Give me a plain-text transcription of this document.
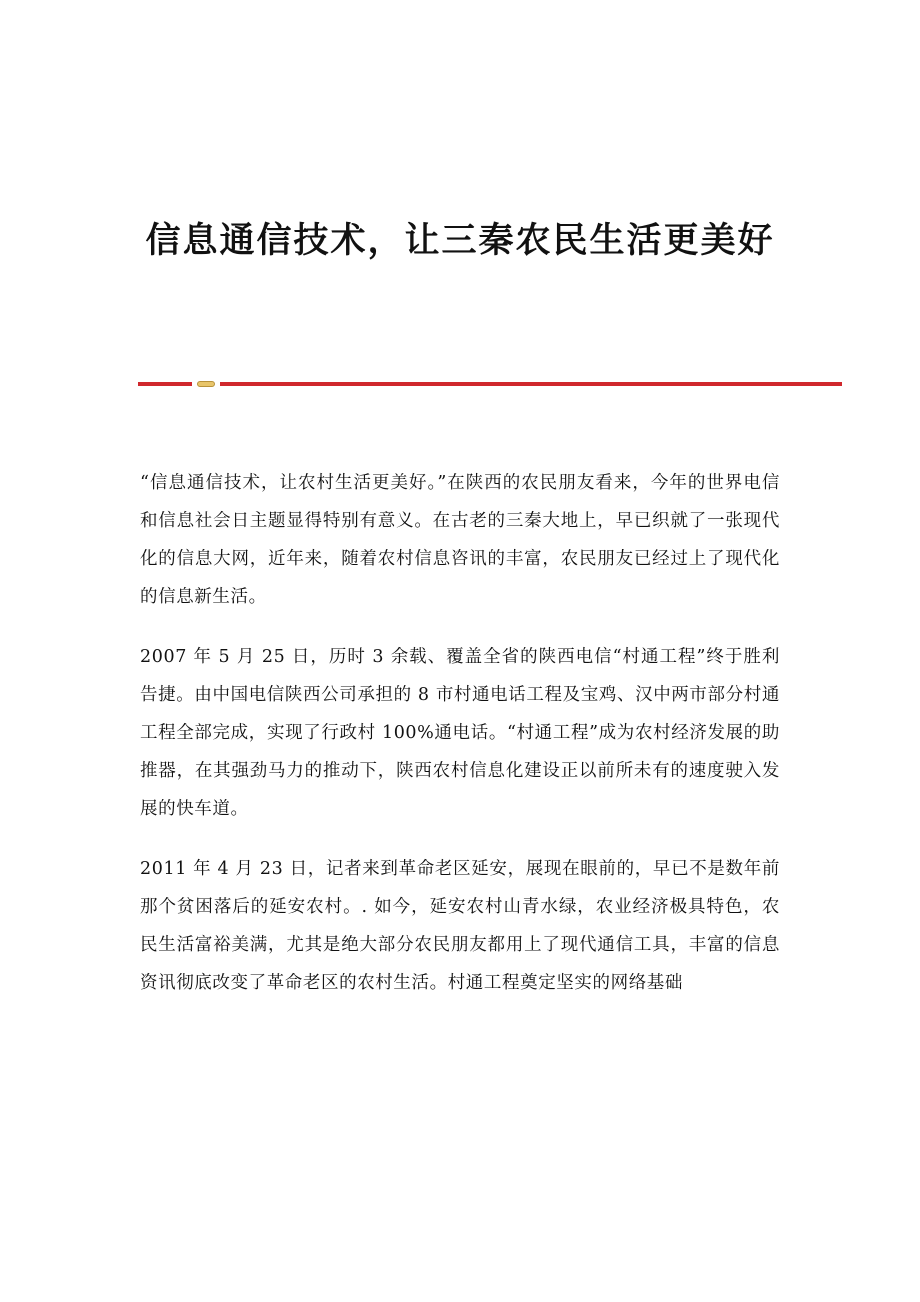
信息通信技术，让三秦农民生活更美好

“信息通信技术，让农村生活更美好。”在陕西的农民朋友看来，今年的世界电信和信息社会日主题显得特别有意义。在古老的三秦大地上，早已织就了一张现代化的信息大网，近年来，随着农村信息咨讯的丰富，农民朋友已经过上了现代化的信息新生活。

2007 年 5 月 25 日，历时 3 余载、覆盖全省的陕西电信“村通工程”终于胜利告捷。由中国电信陕西公司承担的 8 市村通电话工程及宝鸡、汉中两市部分村通工程全部完成，实现了行政村 100%通电话。“村通工程”成为农村经济发展的助推器，在其强劲马力的推动下，陕西农村信息化建设正以前所未有的速度驶入发展的快车道。

2011 年 4 月 23 日，记者来到革命老区延安，展现在眼前的，早已不是数年前那个贫困落后的延安农村。. 如今，延安农村山青水绿，农业经济极具特色，农民生活富裕美满，尤其是绝大部分农民朋友都用上了现代通信工具，丰富的信息资讯彻底改变了革命老区的农村生活。村通工程奠定坚实的网络基础
